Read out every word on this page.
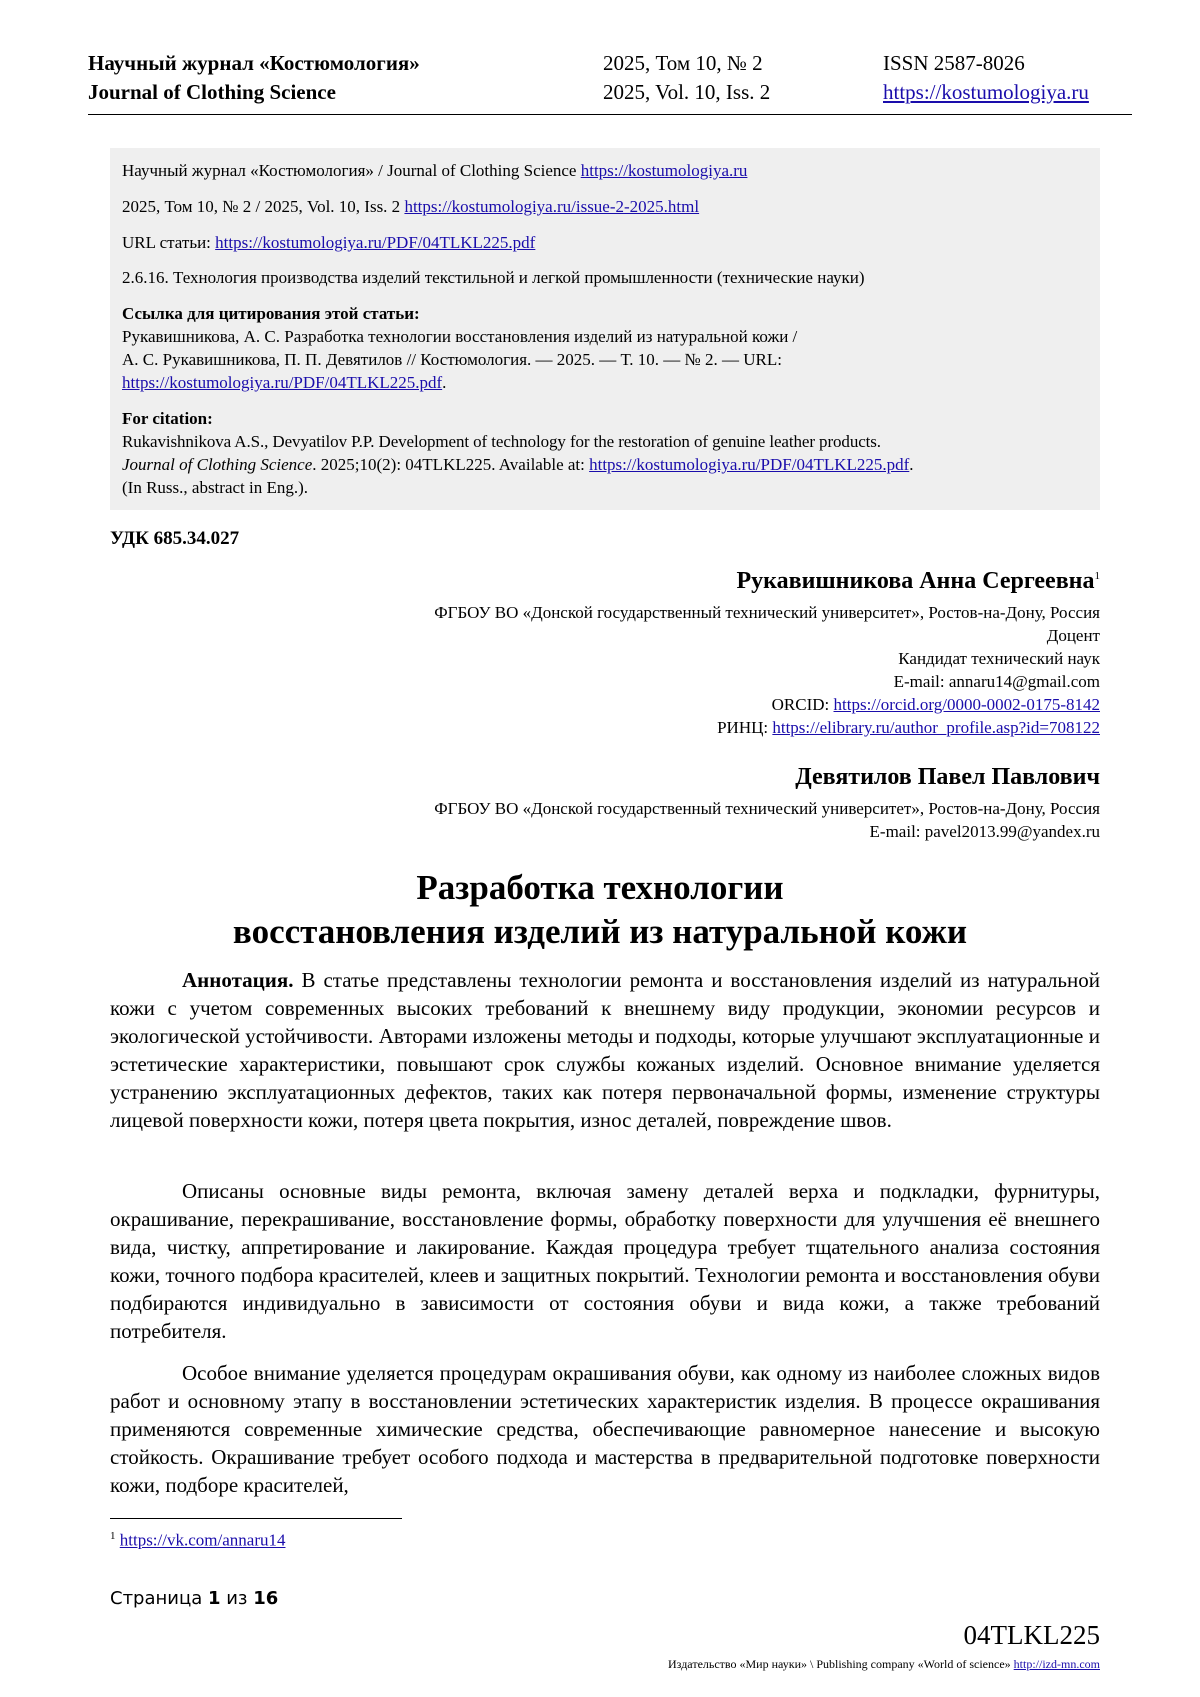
Научный журнал «Костюмология»
Journal of Clothing Science
2025, Том 10, № 2
2025, Vol. 10, Iss. 2
ISSN 2587-8026
https://kostumologiya.ru
Научный журнал «Костюмология» / Journal of Clothing Science https://kostumologiya.ru
2025, Том 10, № 2 / 2025, Vol. 10, Iss. 2 https://kostumologiya.ru/issue-2-2025.html
URL статьи: https://kostumologiya.ru/PDF/04TLKL225.pdf
2.6.16. Технология производства изделий текстильной и легкой промышленности (технические науки)
Ссылка для цитирования этой статьи:
Рукавишникова, А. С. Разработка технологии восстановления изделий из натуральной кожи /
А. С. Рукавишникова, П. П. Девятилов // Костюмология. — 2025. — Т. 10. — № 2. — URL:
https://kostumologiya.ru/PDF/04TLKL225.pdf.
For citation:
Rukavishnikova A.S., Devyatilov P.P. Development of technology for the restoration of genuine leather products.
Journal of Clothing Science. 2025;10(2): 04TLKL225. Available at: https://kostumologiya.ru/PDF/04TLKL225.pdf.
(In Russ., abstract in Eng.).
УДК 685.34.027
Рукавишникова Анна Сергеевна$^1$
ФГБОУ ВО «Донской государственный технический университет», Ростов-на-Дону, Россия
Доцент
Кандидат технический наук
E-mail: annaru14@gmail.com
ORCID: https://orcid.org/0000-0002-0175-8142
РИНЦ: https://elibrary.ru/author_profile.asp?id=708122
Девятилов Павел Павлович
ФГБОУ ВО «Донской государственный технический университет», Ростов-на-Дону, Россия
E-mail: pavel2013.99@yandex.ru
Разработка технологии
восстановления изделий из натуральной кожи

Аннотация. В статье представлены технологии ремонта и восстановления изделий из натуральной кожи с учетом современных высоких требований к внешнему виду продукции, экономии ресурсов и экологической устойчивости. Авторами изложены методы и подходы, которые улучшают эксплуатационные и эстетические характеристики, повышают срок службы кожаных изделий. Основное внимание уделяется устранению эксплуатационных дефектов, таких как потеря первоначальной формы, изменение структуры лицевой поверхности кожи, потеря цвета покрытия, износ деталей, повреждение швов.

Описаны основные виды ремонта, включая замену деталей верха и подкладки, фурнитуры, окрашивание, перекрашивание, восстановление формы, обработку поверхности для улучшения её внешнего вида, чистку, аппретирование и лакирование. Каждая процедура требует тщательного анализа состояния кожи, точного подбора красителей, клеев и защитных покрытий. Технологии ремонта и восстановления обуви подбираются индивидуально в зависимости от состояния обуви и вида кожи, а также требований потребителя.

Особое внимание уделяется процедурам окрашивания обуви, как одному из наиболее сложных видов работ и основному этапу в восстановлении эстетических характеристик изделия. В процессе окрашивания применяются современные химические средства, обеспечивающие равномерное нанесение и высокую стойкость. Окрашивание требует особого подхода и мастерства в предварительной подготовке поверхности кожи, подборе красителей,

$^1$ https://vk.com/annaru14
Страница 1 из 16
04TLKL225
Издательство «Мир науки» \ Publishing company «World of science» http://izd-mn.com
